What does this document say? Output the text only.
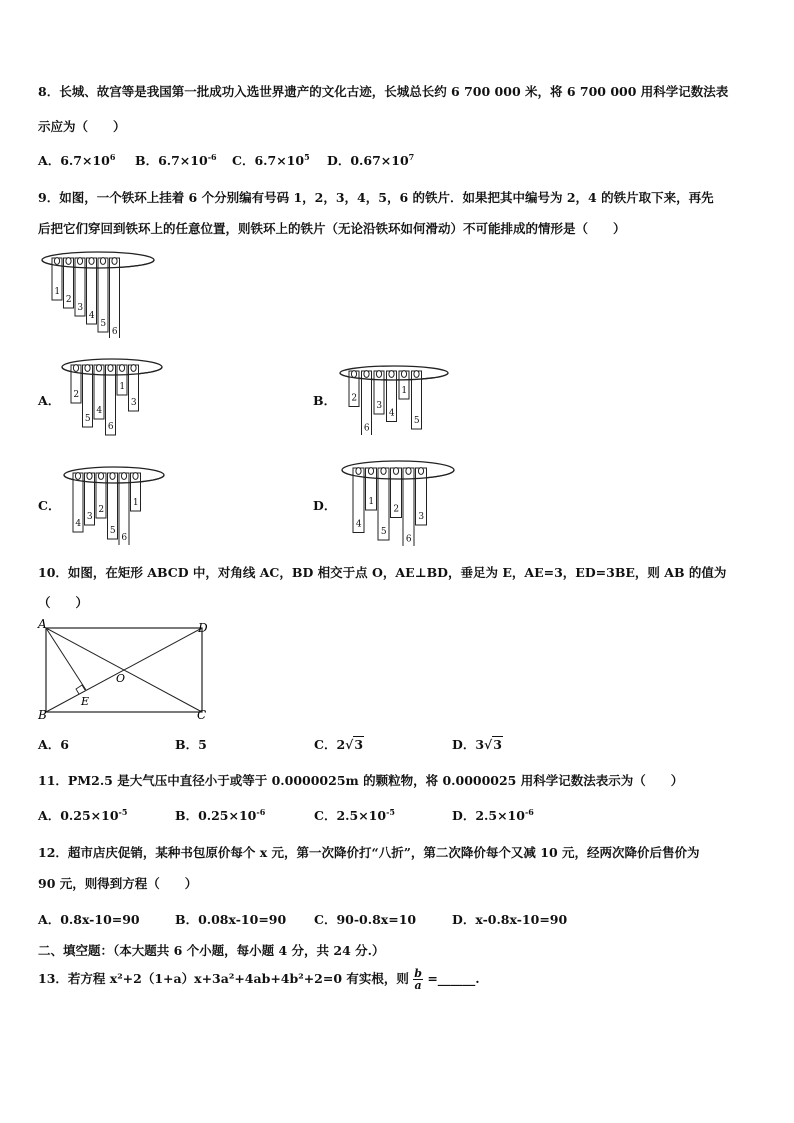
8．长城、故宫等是我国第一批成功入选世界遗产的文化古迹，长城总长约 6 700 000 米，将 6 700 000 用科学记数法表
示应为（　　）
A．$6.7\times 10^6$ B．$6.7\times 10^{-6}$ C．$6.7\times 10^5$ D．$0.67\times 10^7$
9．如图，一个铁环上挂着 6 个分别编有号码 1，2，3，4，5，6 的铁片．如果把其中编号为 2，4 的铁片取下来，再先
后把它们穿回到铁环上的任意位置，则铁环上的铁片（无论沿铁环如何滑动）不可能排成的情形是（　　）
1
2
3
4
5
6
A． 2
5
4
6
1
3	B． 2
6
3
4
1
5
C．
4
3
2
5
6
1	D．
4
1
5
2
6
3
10．如图，在矩形 ABCD 中，对角线 AC，BD 相交于点 O，AE⊥BD，垂足为 E，AE=3，ED=3BE，则 AB 的值为
（　　）
A
B	C
D
E
O
A．6	B．5	C．2√3	D．3√3
11．PM2.5 是大气压中直径小于或等于 0.0000025m 的颗粒物，将 0.0000025 用科学记数法表示为（　　）
A．$0.25\times 10^{-5}$	B．$0.25\times 10^{-6}$	C．$2.5\times 10^{-5}$	D．$2.5\times 10^{-6}$
12．超市店庆促销，某种书包原价每个 x 元，第一次降价打“八折”，第二次降价每个又减 10 元，经两次降价后售价为
90 元，则得到方程（　　）
A．0.8x-10=90	B．0.08x-10=90 C．90-0.8x=10	D．x-0.8x-10=90
二、填空题：（本大题共 6 个小题，每小题 4 分，共 24 分.）
13．若方程 x²+2（1+a）x+3a²+4ab+4b²+2=0 有实根，则 $\frac{b}{a}$ =______.
